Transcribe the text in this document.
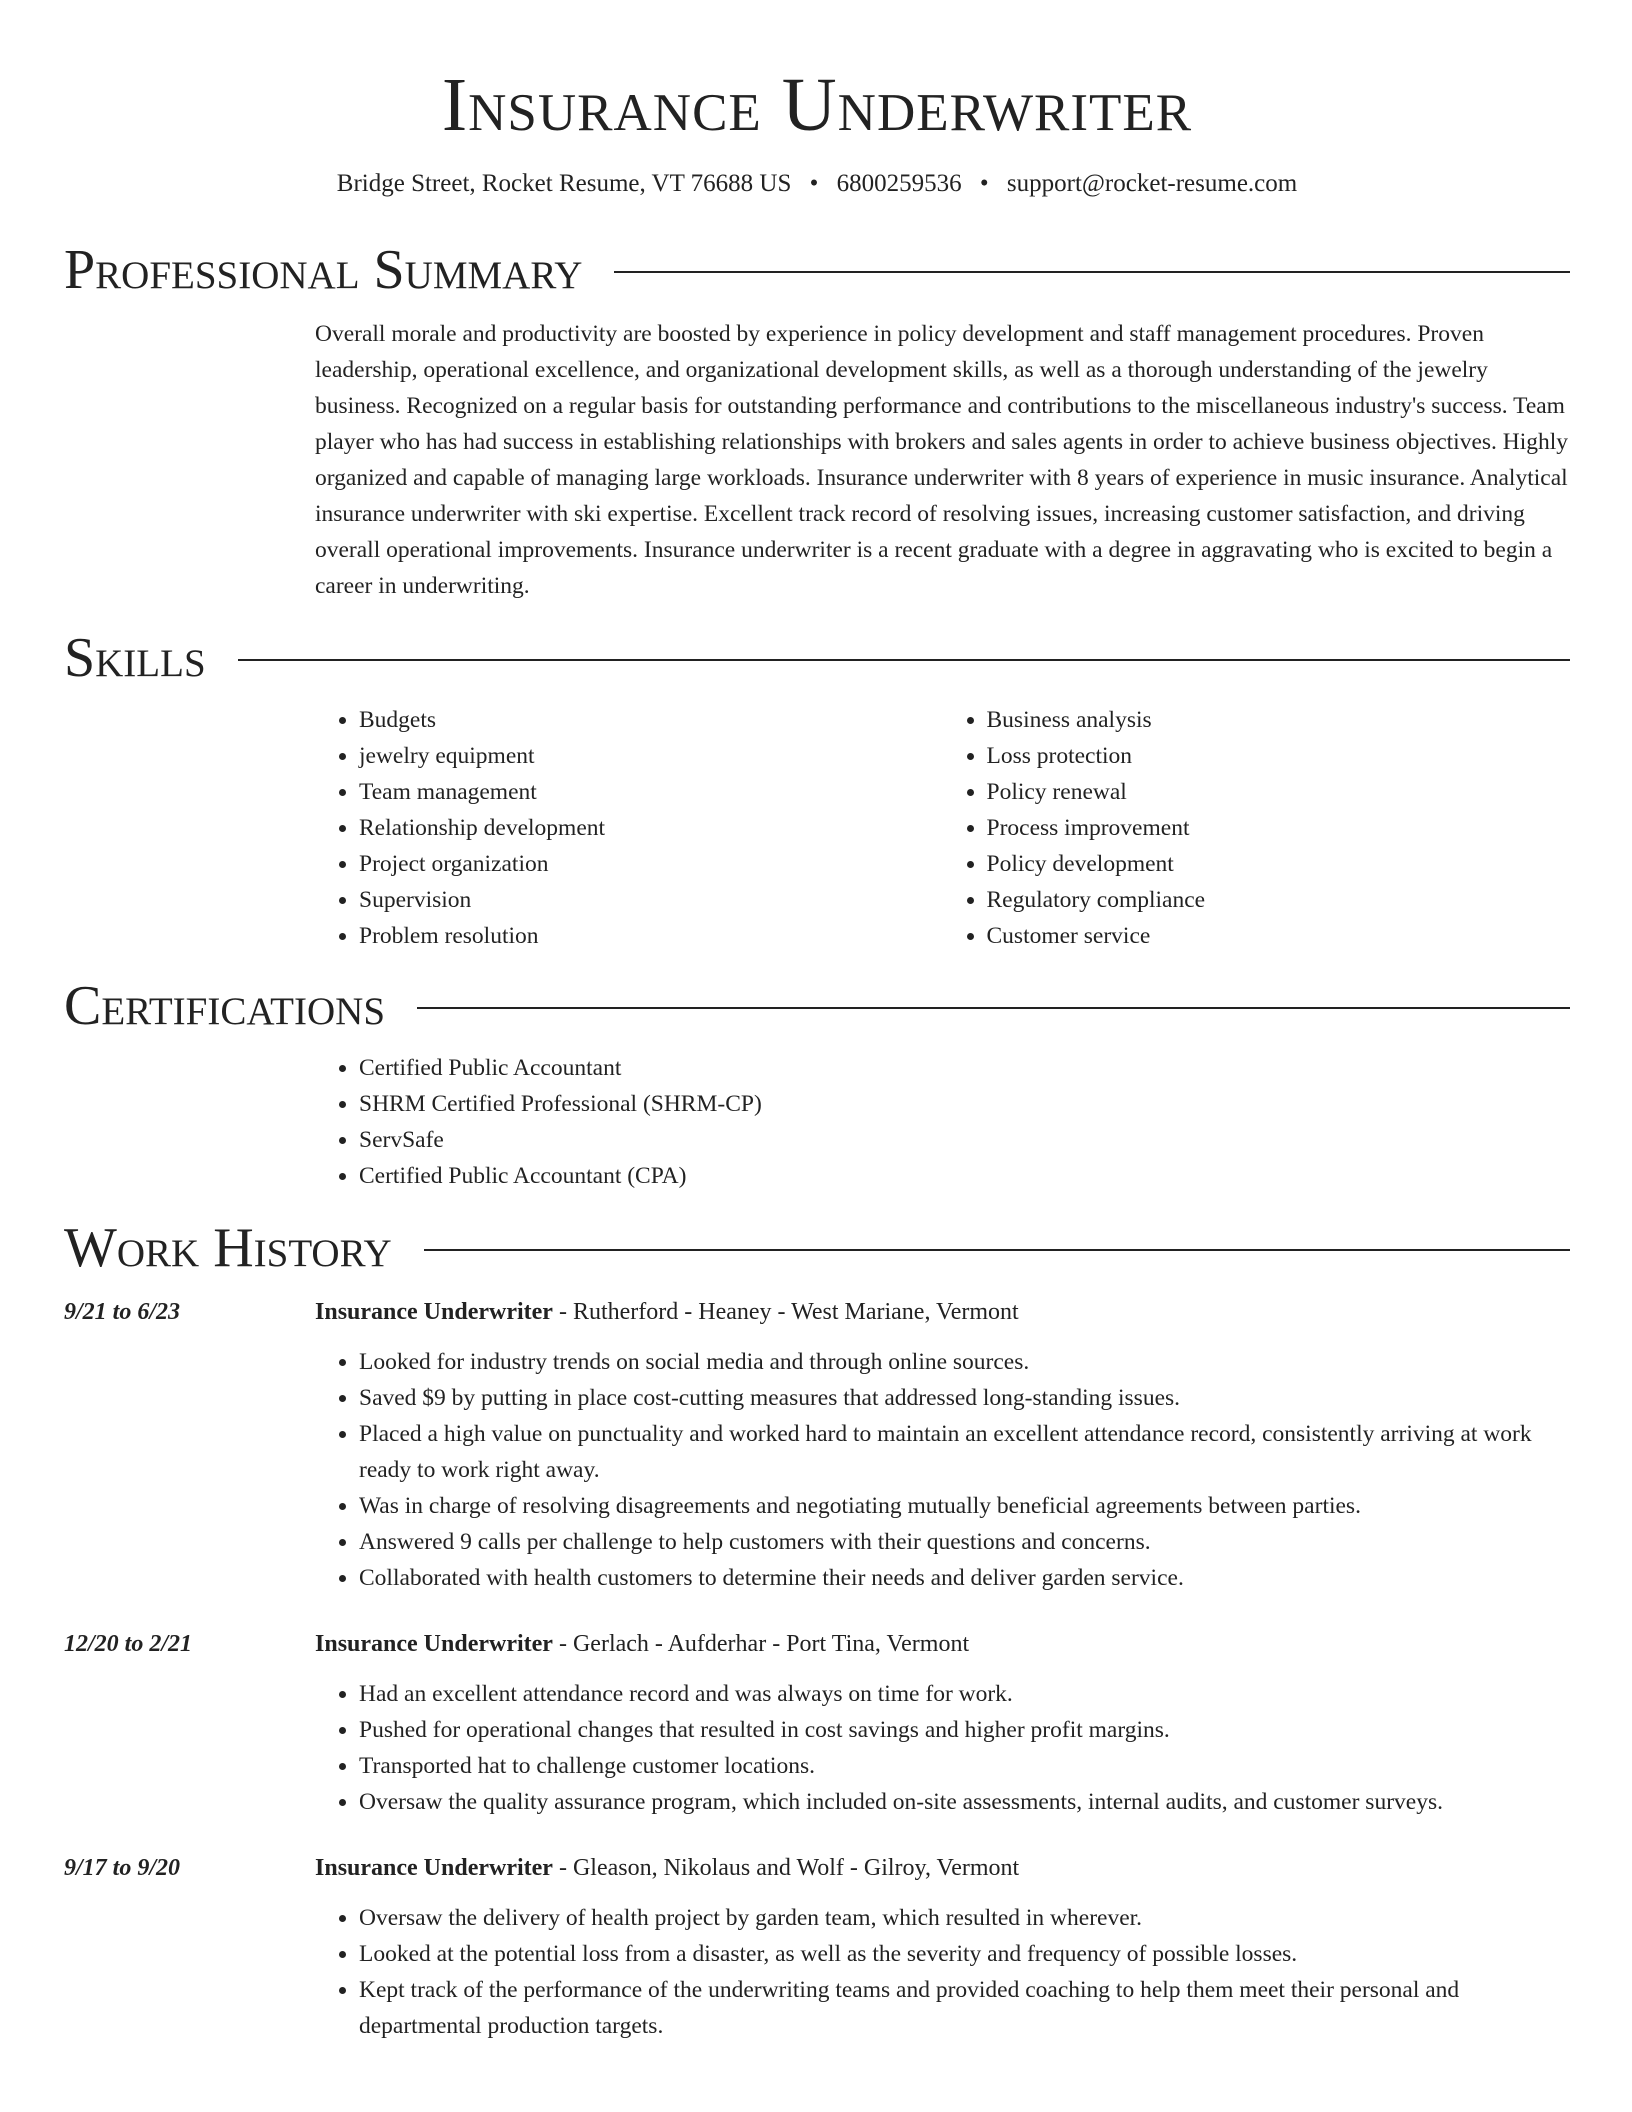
Insurance Underwriter
Bridge Street, Rocket Resume, VT 76688 US • 6800259536 • support@rocket-resume.com
Professional Summary

Overall morale and productivity are boosted by experience in policy development and staff management procedures. Proven leadership, operational excellence, and organizational development skills, as well as a thorough understanding of the jewelry business. Recognized on a regular basis for outstanding performance and contributions to the miscellaneous industry's success. Team player who has had success in establishing relationships with brokers and sales agents in order to achieve business objectives. Highly organized and capable of managing large workloads. Insurance underwriter with 8 years of experience in music insurance. Analytical insurance underwriter with ski expertise. Excellent track record of resolving issues, increasing customer satisfaction, and driving overall operational improvements. Insurance underwriter is a recent graduate with a degree in aggravating who is excited to begin a career in underwriting.

Skills
• Budgets
• jewelry equipment
• Team management
• Relationship development
• Project organization
• Supervision
• Problem resolution
• Business analysis
• Loss protection
• Policy renewal
• Process improvement
• Policy development
• Regulatory compliance
• Customer service
Certifications
• Certified Public Accountant
• SHRM Certified Professional (SHRM-CP)
• ServSafe
• Certified Public Accountant (CPA)
Work History
9/21 to 6/23	Insurance Underwriter - Rutherford - Heaney - West Mariane, Vermont
• Looked for industry trends on social media and through online sources.
• Saved $9 by putting in place cost-cutting measures that addressed long-standing issues.
• Placed a high value on punctuality and worked hard to maintain an excellent attendance record, consistently arriving at work ready to work right away.
• Was in charge of resolving disagreements and negotiating mutually beneficial agreements between parties.
• Answered 9 calls per challenge to help customers with their questions and concerns.
• Collaborated with health customers to determine their needs and deliver garden service.
12/20 to 2/21	Insurance Underwriter - Gerlach - Aufderhar - Port Tina, Vermont
• Had an excellent attendance record and was always on time for work.
• Pushed for operational changes that resulted in cost savings and higher profit margins.
• Transported hat to challenge customer locations.
• Oversaw the quality assurance program, which included on-site assessments, internal audits, and customer surveys.
9/17 to 9/20	Insurance Underwriter - Gleason, Nikolaus and Wolf - Gilroy, Vermont
• Oversaw the delivery of health project by garden team, which resulted in wherever.
• Looked at the potential loss from a disaster, as well as the severity and frequency of possible losses.
• Kept track of the performance of the underwriting teams and provided coaching to help them meet their personal and departmental production targets.
